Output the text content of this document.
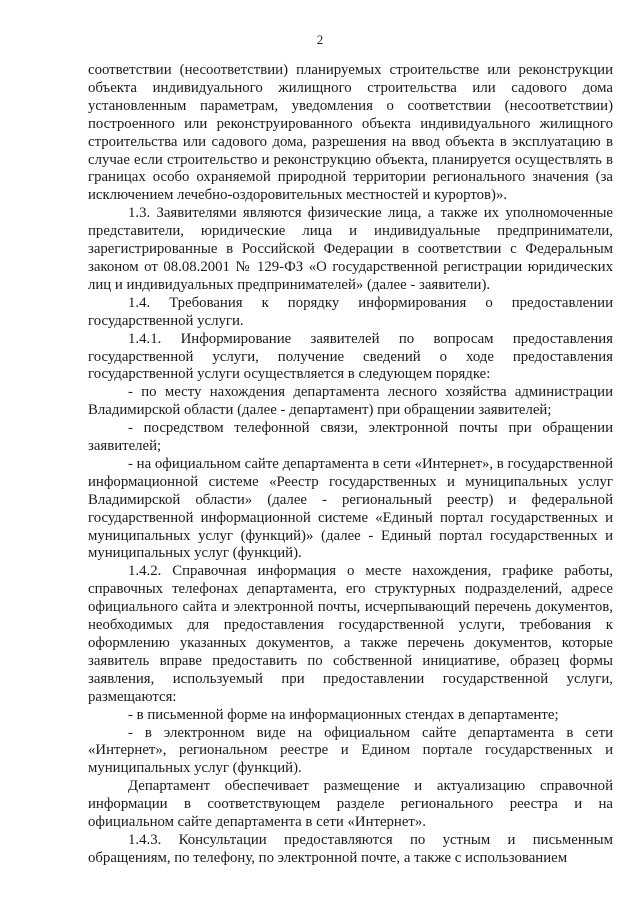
2

соответствии (несоответствии) планируемых строительстве или реконструкции объекта индивидуального жилищного строительства или садового дома установленным параметрам, уведомления о соответствии (несоответствии) построенного или реконструированного объекта индивидуального жилищного строительства или садового дома, разрешения на ввод объекта в эксплуатацию в случае если строительство и реконструкцию объекта, планируется осуществлять в границах особо охраняемой природной территории регионального значения (за исключением лечебно-оздоровительных местностей и курортов)».

1.3. Заявителями являются физические лица, а также их уполномоченные представители, юридические лица и индивидуальные предприниматели, зарегистрированные в Российской Федерации в соответствии с Федеральным законом от 08.08.2001 № 129-ФЗ «О государственной регистрации юридических лиц и индивидуальных предпринимателей» (далее - заявители).

1.4. Требования к порядку информирования о предоставлении государственной услуги.

1.4.1. Информирование заявителей по вопросам предоставления государственной услуги, получение сведений о ходе предоставления государственной услуги осуществляется в следующем порядке:

- по месту нахождения департамента лесного хозяйства администрации Владимирской области (далее - департамент) при обращении заявителей;

- посредством телефонной связи, электронной почты при обращении заявителей;

- на официальном сайте департамента в сети «Интернет», в государственной информационной системе «Реестр государственных и муниципальных услуг Владимирской области» (далее - региональный реестр) и федеральной государственной информационной системе «Единый портал государственных и муниципальных услуг (функций)» (далее - Единый портал государственных и муниципальных услуг (функций).

1.4.2. Справочная информация о месте нахождения, графике работы, справочных телефонах департамента, его структурных подразделений, адресе официального сайта и электронной почты, исчерпывающий перечень документов, необходимых для предоставления государственной услуги, требования к оформлению указанных документов, а также перечень документов, которые заявитель вправе предоставить по собственной инициативе, образец формы заявления, используемый при предоставлении государственной услуги, размещаются:

- в письменной форме на информационных стендах в департаменте;

- в электронном виде на официальном сайте департамента в сети «Интернет», региональном реестре и Едином портале государственных и муниципальных услуг (функций).

Департамент обеспечивает размещение и актуализацию справочной информации в соответствующем разделе регионального реестра и на официальном сайте департамента в сети «Интернет».

1.4.3. Консультации предоставляются по устным и письменным обращениям, по телефону, по электронной почте, а также с использованием
